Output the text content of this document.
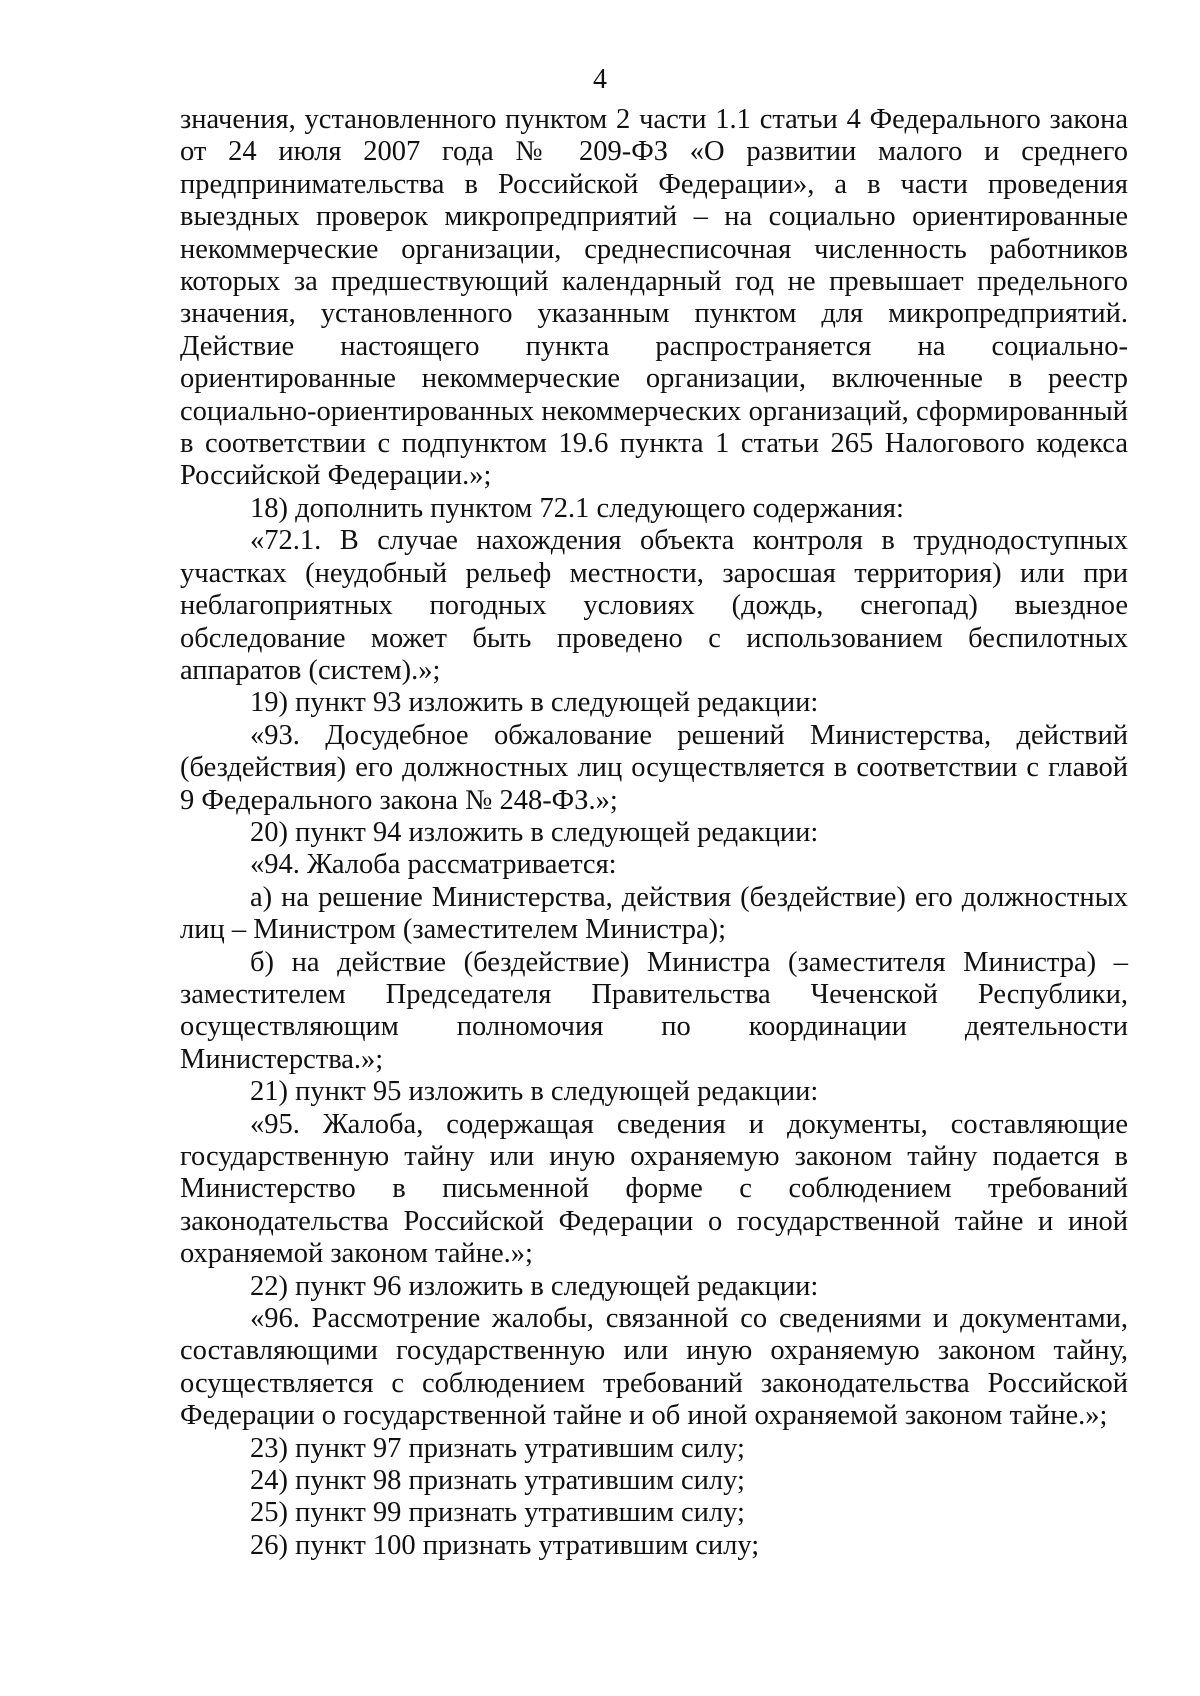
4

значения, установленного пунктом 2 части 1.1 статьи 4 Федерального закона от 24 июля 2007 года № 209-ФЗ «О развитии малого и среднего предпринимательства в Российской Федерации», а в части проведения выездных проверок микропредприятий – на социально ориентированные некоммерческие организации, среднесписочная численность работников которых за предшествующий календарный год не превышает предельного значения, установленного указанным пунктом для микропредприятий. Действие настоящего пункта распространяется на социально-ориентированные некоммерческие организации, включенные в реестр социально-ориентированных некоммерческих организаций, сформированный в соответствии с подпунктом 19.6 пункта 1 статьи 265 Налогового кодекса Российской Федерации.»;

18) дополнить пунктом 72.1 следующего содержания:

«72.1. В случае нахождения объекта контроля в труднодоступных участках (неудобный рельеф местности, заросшая территория) или при неблагоприятных погодных условиях (дождь, снегопад) выездное обследование может быть проведено с использованием беспилотных аппаратов (систем).»;

19) пункт 93 изложить в следующей редакции:

«93. Досудебное обжалование решений Министерства, действий (бездействия) его должностных лиц осуществляется в соответствии с главой 9 Федерального закона № 248-ФЗ.»;

20) пункт 94 изложить в следующей редакции:

«94. Жалоба рассматривается:

а) на решение Министерства, действия (бездействие) его должностных лиц – Министром (заместителем Министра);

б) на действие (бездействие) Министра (заместителя Министра) – заместителем Председателя Правительства Чеченской Республики, осуществляющим полномочия по координации деятельности Министерства.»;

21) пункт 95 изложить в следующей редакции:

«95. Жалоба, содержащая сведения и документы, составляющие государственную тайну или иную охраняемую законом тайну подается в Министерство в письменной форме с соблюдением требований законодательства Российской Федерации о государственной тайне и иной охраняемой законом тайне.»;

22) пункт 96 изложить в следующей редакции:

«96. Рассмотрение жалобы, связанной со сведениями и документами, составляющими государственную или иную охраняемую законом тайну, осуществляется с соблюдением требований законодательства Российской Федерации о государственной тайне и об иной охраняемой законом тайне.»;

23) пункт 97 признать утратившим силу;

24) пункт 98 признать утратившим силу;

25) пункт 99 признать утратившим силу;

26) пункт 100 признать утратившим силу;
